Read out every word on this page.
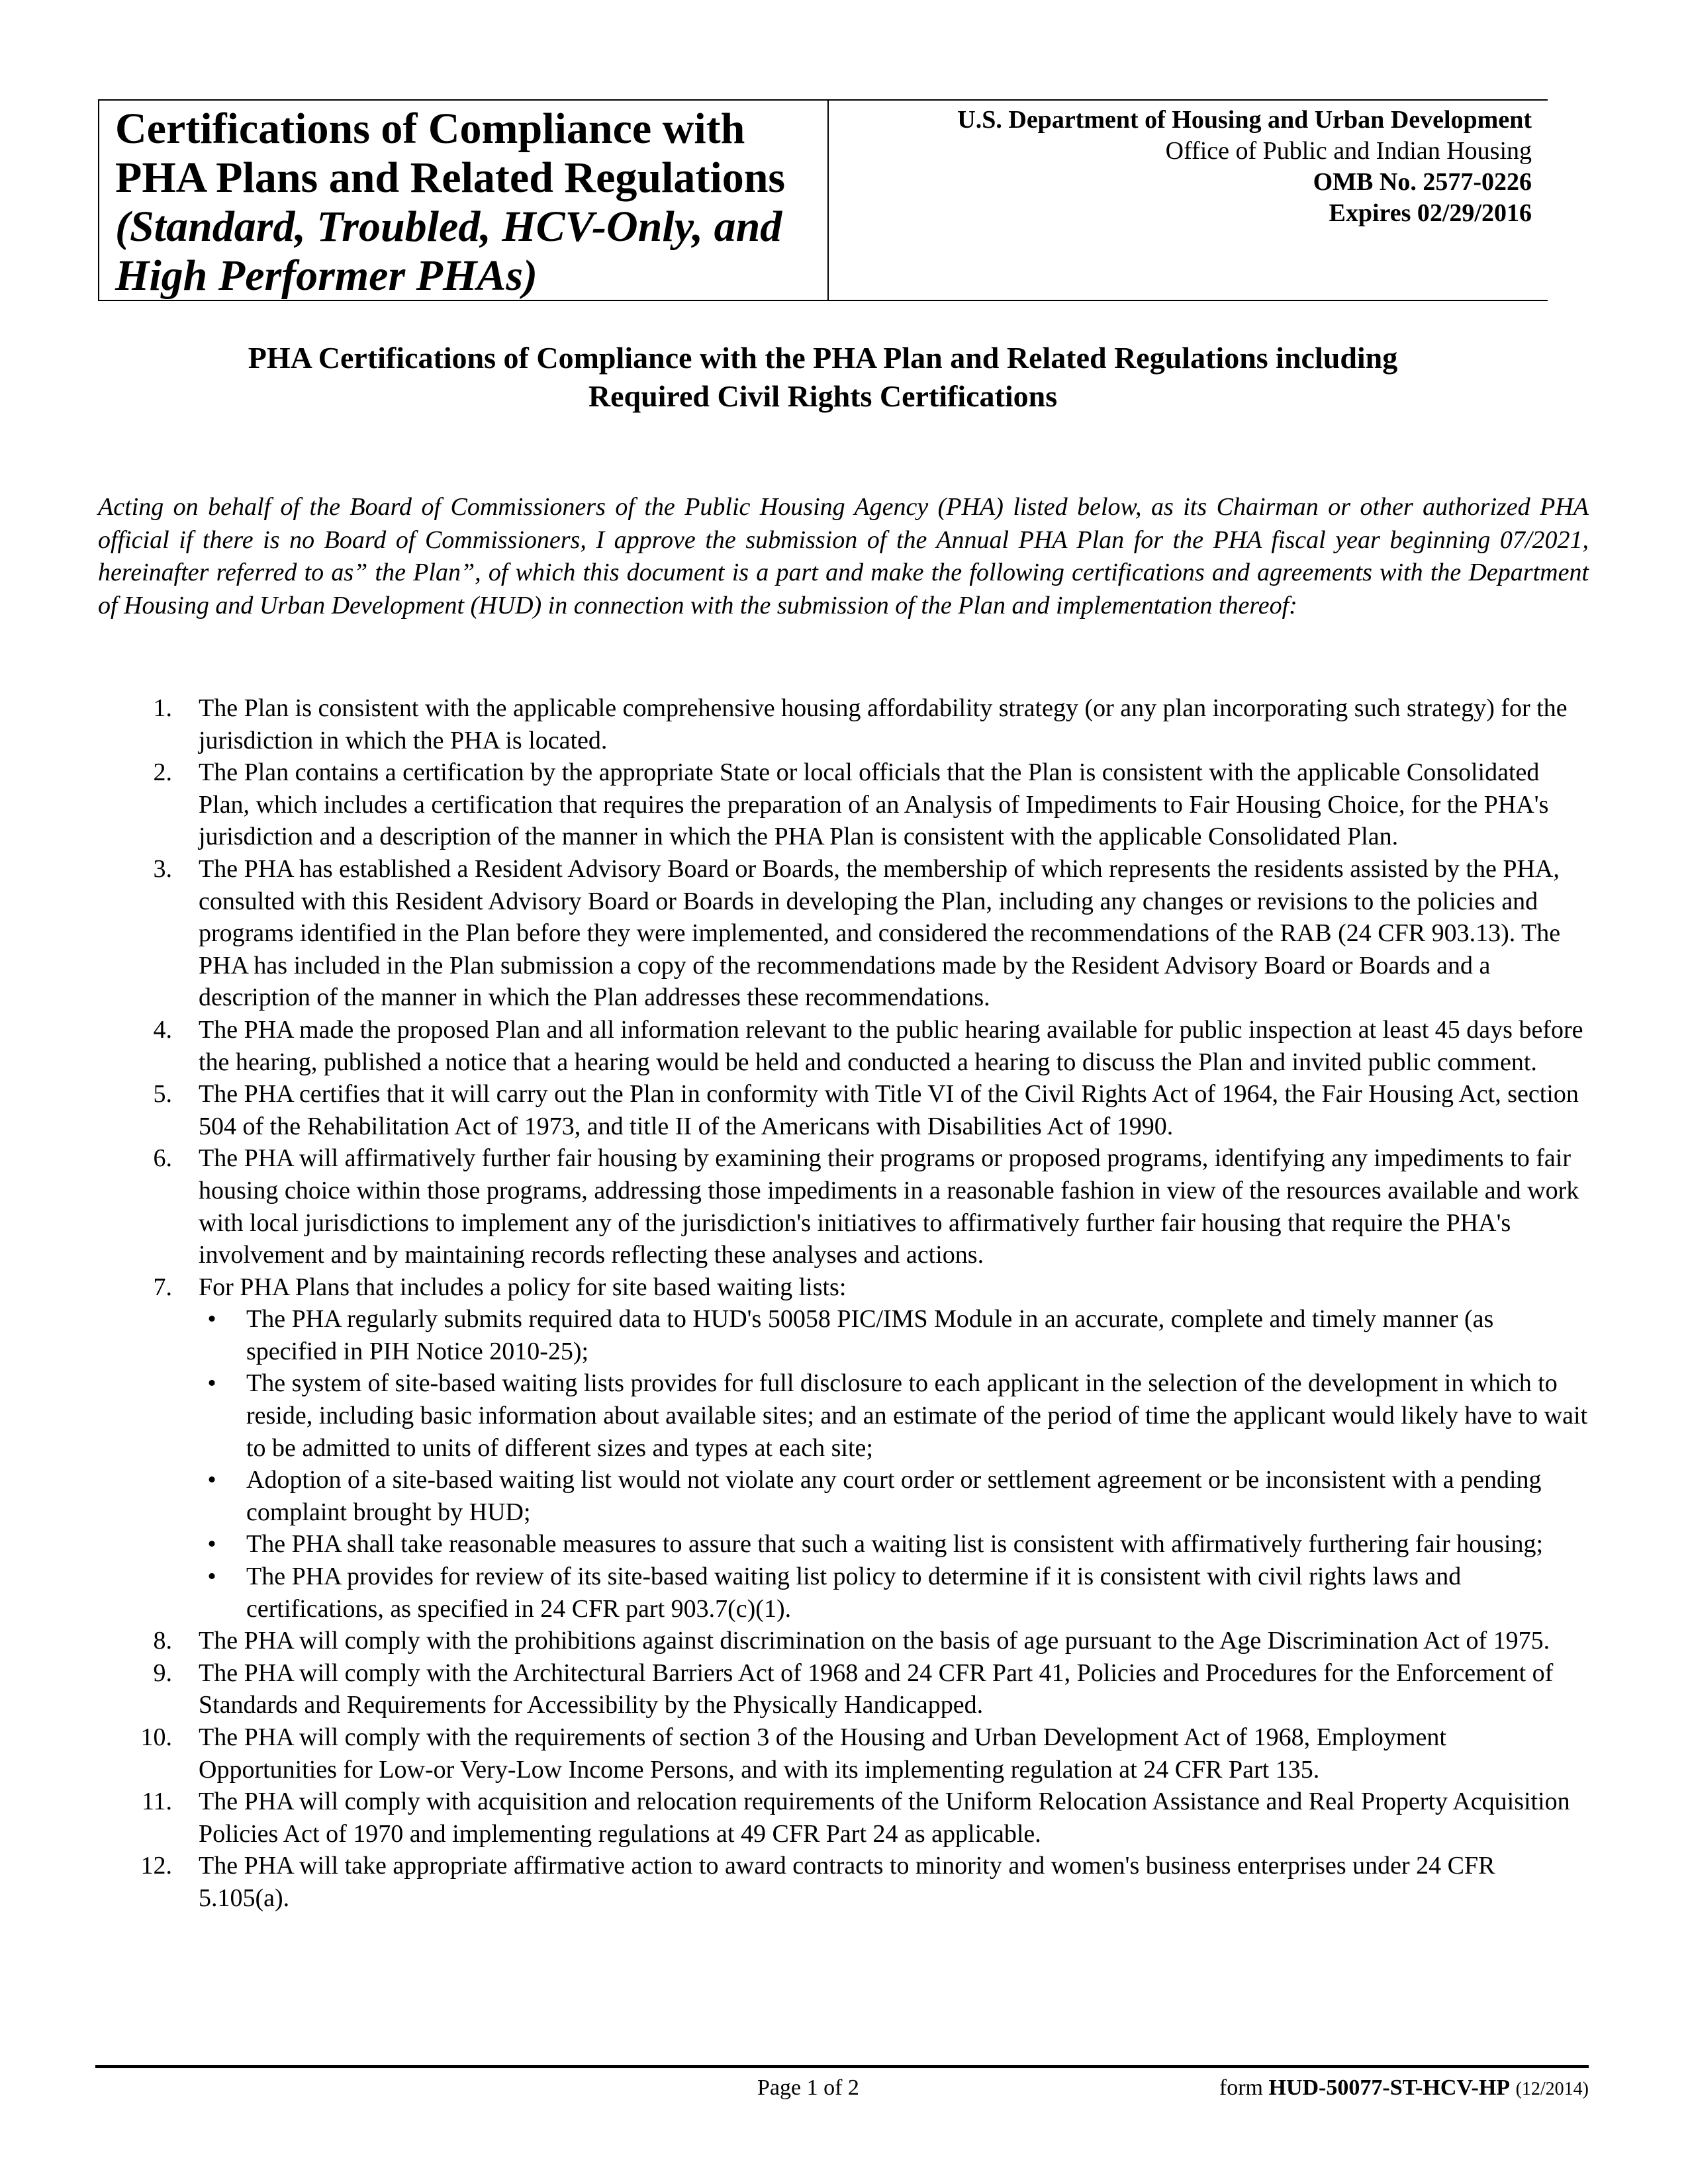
Certifications of Compliance with
PHA Plans and Related Regulations
(Standard, Troubled, HCV-Only, and
High Performer PHAs)
U.S. Department of Housing and Urban Development
Office of Public and Indian Housing
OMB No. 2577-0226
Expires 02/29/2016
PHA Certifications of Compliance with the PHA Plan and Related Regulations including
Required Civil Rights Certifications

Acting on behalf of the Board of Commissioners of the Public Housing Agency (PHA) listed below, as its Chairman or other authorized PHA official if there is no Board of Commissioners, I approve the submission of the Annual PHA Plan for the PHA fiscal year beginning 07/2021, hereinafter referred to as” the Plan”, of which this document is a part and make the following certifications and agreements with the Department of Housing and Urban Development (HUD) in connection with the submission of the Plan and implementation thereof:

1. The Plan is consistent with the applicable comprehensive housing affordability strategy (or any plan incorporating such strategy) for the jurisdiction in which the PHA is located.
2. The Plan contains a certification by the appropriate State or local officials that the Plan is consistent with the applicable Consolidated Plan, which includes a certification that requires the preparation of an Analysis of Impediments to Fair Housing Choice, for the PHA's jurisdiction and a description of the manner in which the PHA Plan is consistent with the applicable Consolidated Plan.
3. The PHA has established a Resident Advisory Board or Boards, the membership of which represents the residents assisted by the PHA, consulted with this Resident Advisory Board or Boards in developing the Plan, including any changes or revisions to the policies and programs identified in the Plan before they were implemented, and considered the recommendations of the RAB (24 CFR 903.13). The PHA has included in the Plan submission a copy of the recommendations made by the Resident Advisory Board or Boards and a description of the manner in which the Plan addresses these recommendations.
4. The PHA made the proposed Plan and all information relevant to the public hearing available for public inspection at least 45 days before the hearing, published a notice that a hearing would be held and conducted a hearing to discuss the Plan and invited public comment.
5. The PHA certifies that it will carry out the Plan in conformity with Title VI of the Civil Rights Act of 1964, the Fair Housing Act, section 504 of the Rehabilitation Act of 1973, and title II of the Americans with Disabilities Act of 1990.
6. The PHA will affirmatively further fair housing by examining their programs or proposed programs, identifying any impediments to fair housing choice within those programs, addressing those impediments in a reasonable fashion in view of the resources available and work with local jurisdictions to implement any of the jurisdiction's initiatives to affirmatively further fair housing that require the PHA's involvement and by maintaining records reflecting these analyses and actions.
7. For PHA Plans that includes a policy for site based waiting lists:
•	The PHA regularly submits required data to HUD's 50058 PIC/IMS Module in an accurate, complete and timely manner (as specified in PIH Notice 2010-25);
•	The system of site-based waiting lists provides for full disclosure to each applicant in the selection of the development in which to reside, including basic information about available sites; and an estimate of the period of time the applicant would likely have to wait to be admitted to units of different sizes and types at each site;
•	Adoption of a site-based waiting list would not violate any court order or settlement agreement or be inconsistent with a pending complaint brought by HUD;
•	The PHA shall take reasonable measures to assure that such a waiting list is consistent with affirmatively furthering fair housing;
•	The PHA provides for review of its site-based waiting list policy to determine if it is consistent with civil rights laws and certifications, as specified in 24 CFR part 903.7(c)(1).
8. The PHA will comply with the prohibitions against discrimination on the basis of age pursuant to the Age Discrimination Act of 1975.
9. The PHA will comply with the Architectural Barriers Act of 1968 and 24 CFR Part 41, Policies and Procedures for the Enforcement of Standards and Requirements for Accessibility by the Physically Handicapped.
10. The PHA will comply with the requirements of section 3 of the Housing and Urban Development Act of 1968, Employment Opportunities for Low-or Very-Low Income Persons, and with its implementing regulation at 24 CFR Part 135.
11. The PHA will comply with acquisition and relocation requirements of the Uniform Relocation Assistance and Real Property Acquisition Policies Act of 1970 and implementing regulations at 49 CFR Part 24 as applicable.
12. The PHA will take appropriate affirmative action to award contracts to minority and women's business enterprises under 24 CFR 5.105(a).
Page 1 of 2	form HUD-50077-ST-HCV-HP (12/2014)
